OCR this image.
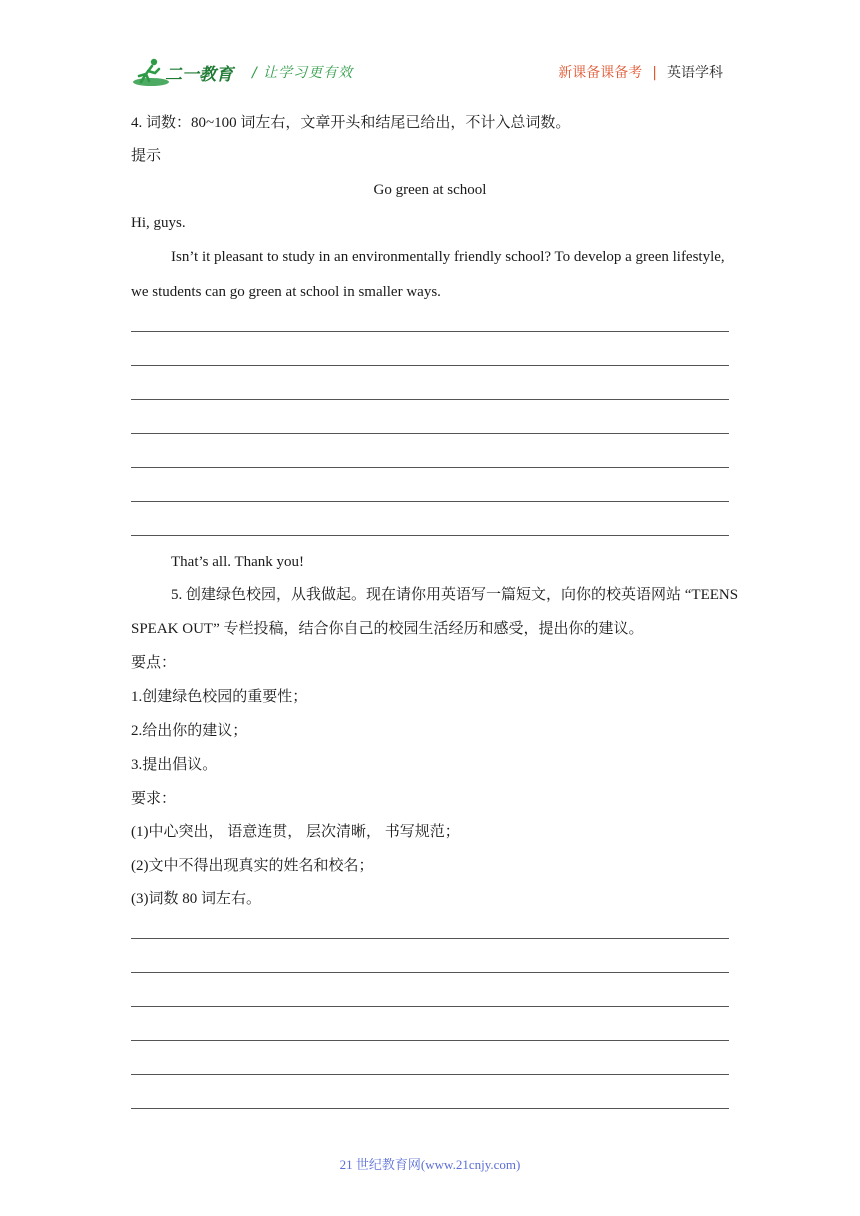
二一教育 / 让学习更有效	新课备课备考 | 英语学科
4. 词数：80~100 词左右，文章开头和结尾已给出，不计入总词数。
提示
Go green at school
Hi, guys.
Isn’t it pleasant to study in an environmentally friendly school? To develop a green lifestyle,
we students can go green at school in smaller ways.
That’s all. Thank you!
5. 创建绿色校园，从我做起。现在请你用英语写一篇短文，向你的校英语网站 “TEENS
SPEAK OUT” 专栏投稿，结合你自己的校园生活经历和感受，提出你的建议。
要点：
1.创建绿色校园的重要性；
2.给出你的建议；
3.提出倡议。
要求：
(1)中心突出， 语意连贯， 层次清晰， 书写规范；
(2)文中不得出现真实的姓名和校名；
(3)词数 80 词左右。
21 世纪教育网(www.21cnjy.com)
